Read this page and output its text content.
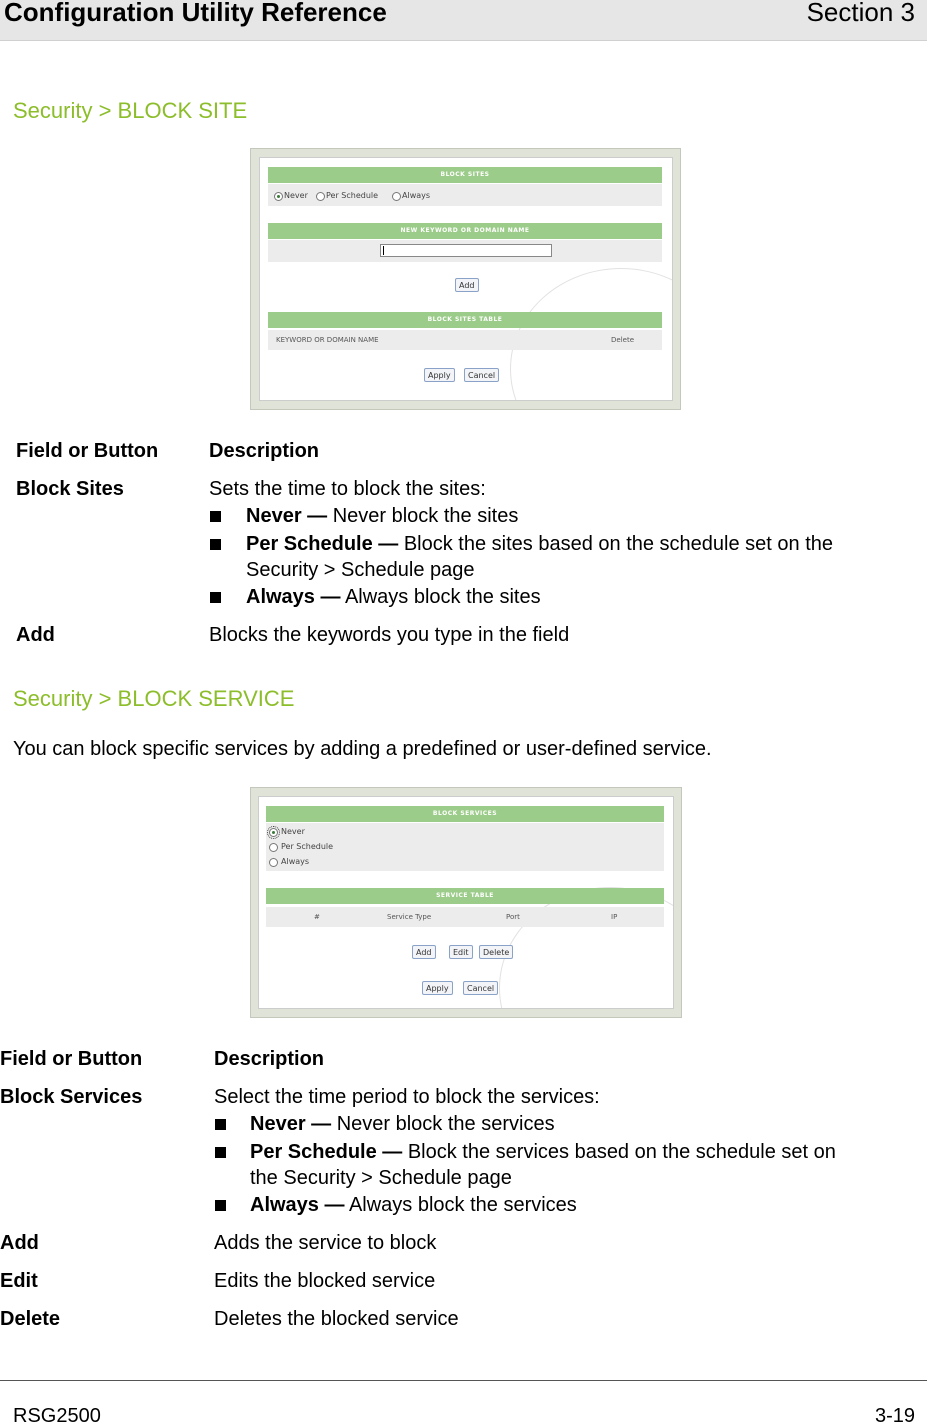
Configuration Utility Reference	Section 3
Security > BLOCK SITE
BLOCK SITES
Never Per Schedule	Always
NEW KEYWORD OR DOMAIN NAME
Add
BLOCK SITES TABLE
KEYWORD OR DOMAIN NAME	Delete
Apply	Cancel
Field or Button	Description
Block Sites	Sets the time to block the sites:
Never — Never block the sites
Per Schedule — Block the sites based on the schedule set on the
Security > Schedule page
Always — Always block the sites
Add	Blocks the keywords you type in the field
Security > BLOCK SERVICE
You can block specific services by adding a predefined or user-defined service.
BLOCK SERVICES
Never
Per Schedule
Always
SERVICE TABLE
#	Service Type	Port	IP
Add	Edit	Delete
Apply	Cancel
Field or Button	Description
Block Services	Select the time period to block the services:
Never — Never block the services
Per Schedule — Block the services based on the schedule set on
the Security > Schedule page
Always — Always block the services
Add	Adds the service to block
Edit	Edits the blocked service
Delete	Deletes the blocked service
RSG2500	3-19
